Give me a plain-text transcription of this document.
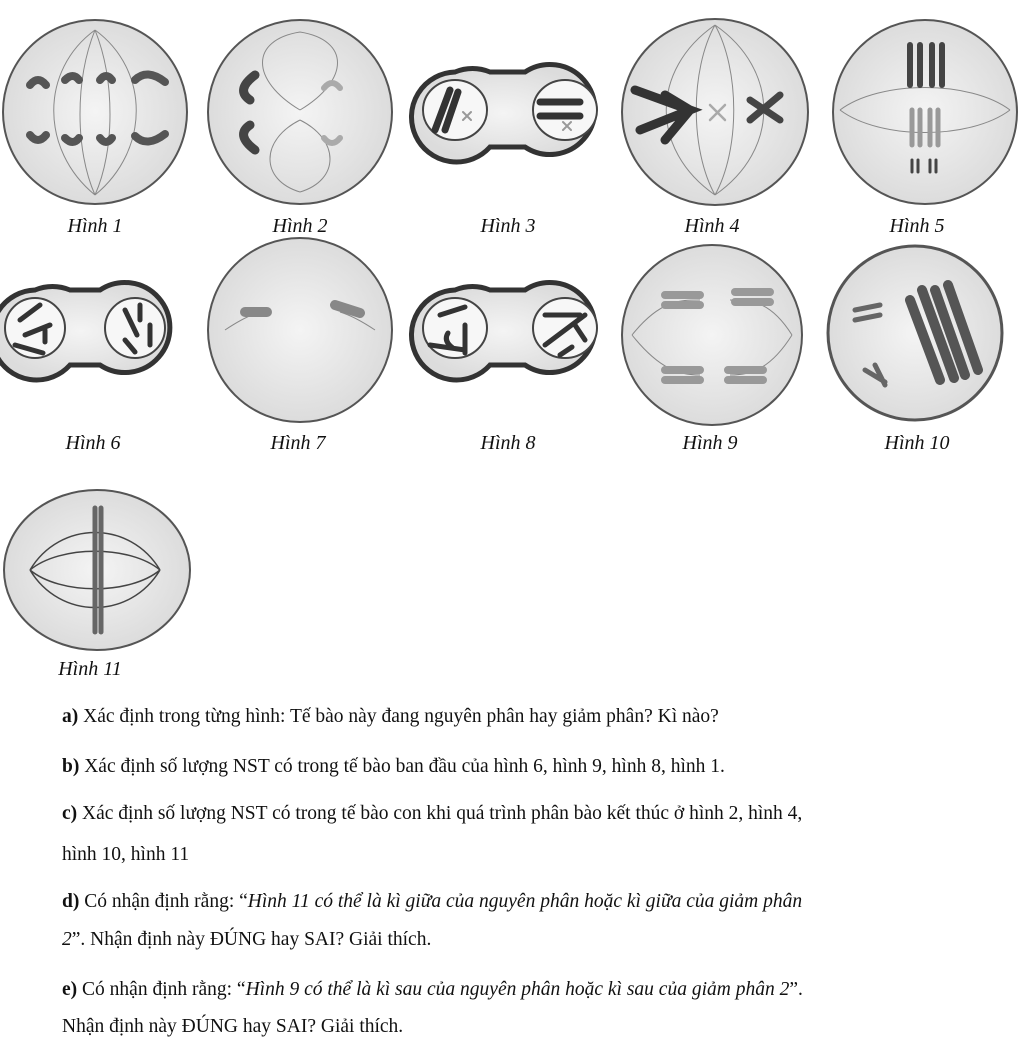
Hình 1	Hình 2	Hình 3	Hình 4	Hình 5
Hình 6	Hình 7	Hình 8	Hình 9	Hình 10
Hình 11
a) Xác định trong từng hình: Tế bào này đang nguyên phân hay giảm phân? Kì nào?
b) Xác định số lượng NST có trong tế bào ban đầu của hình 6, hình 9, hình 8, hình 1.
c) Xác định số lượng NST có trong tế bào con khi quá trình phân bào kết thúc ở hình 2, hình 4,
hình 10, hình 11
d) Có nhận định rằng: “Hình 11 có thể là kì giữa của nguyên phân hoặc kì giữa của giảm phân
2”. Nhận định này ĐÚNG hay SAI? Giải thích.
e) Có nhận định rằng: “Hình 9 có thể là kì sau của nguyên phân hoặc kì sau của giảm phân 2”.
Nhận định này ĐÚNG hay SAI? Giải thích.
